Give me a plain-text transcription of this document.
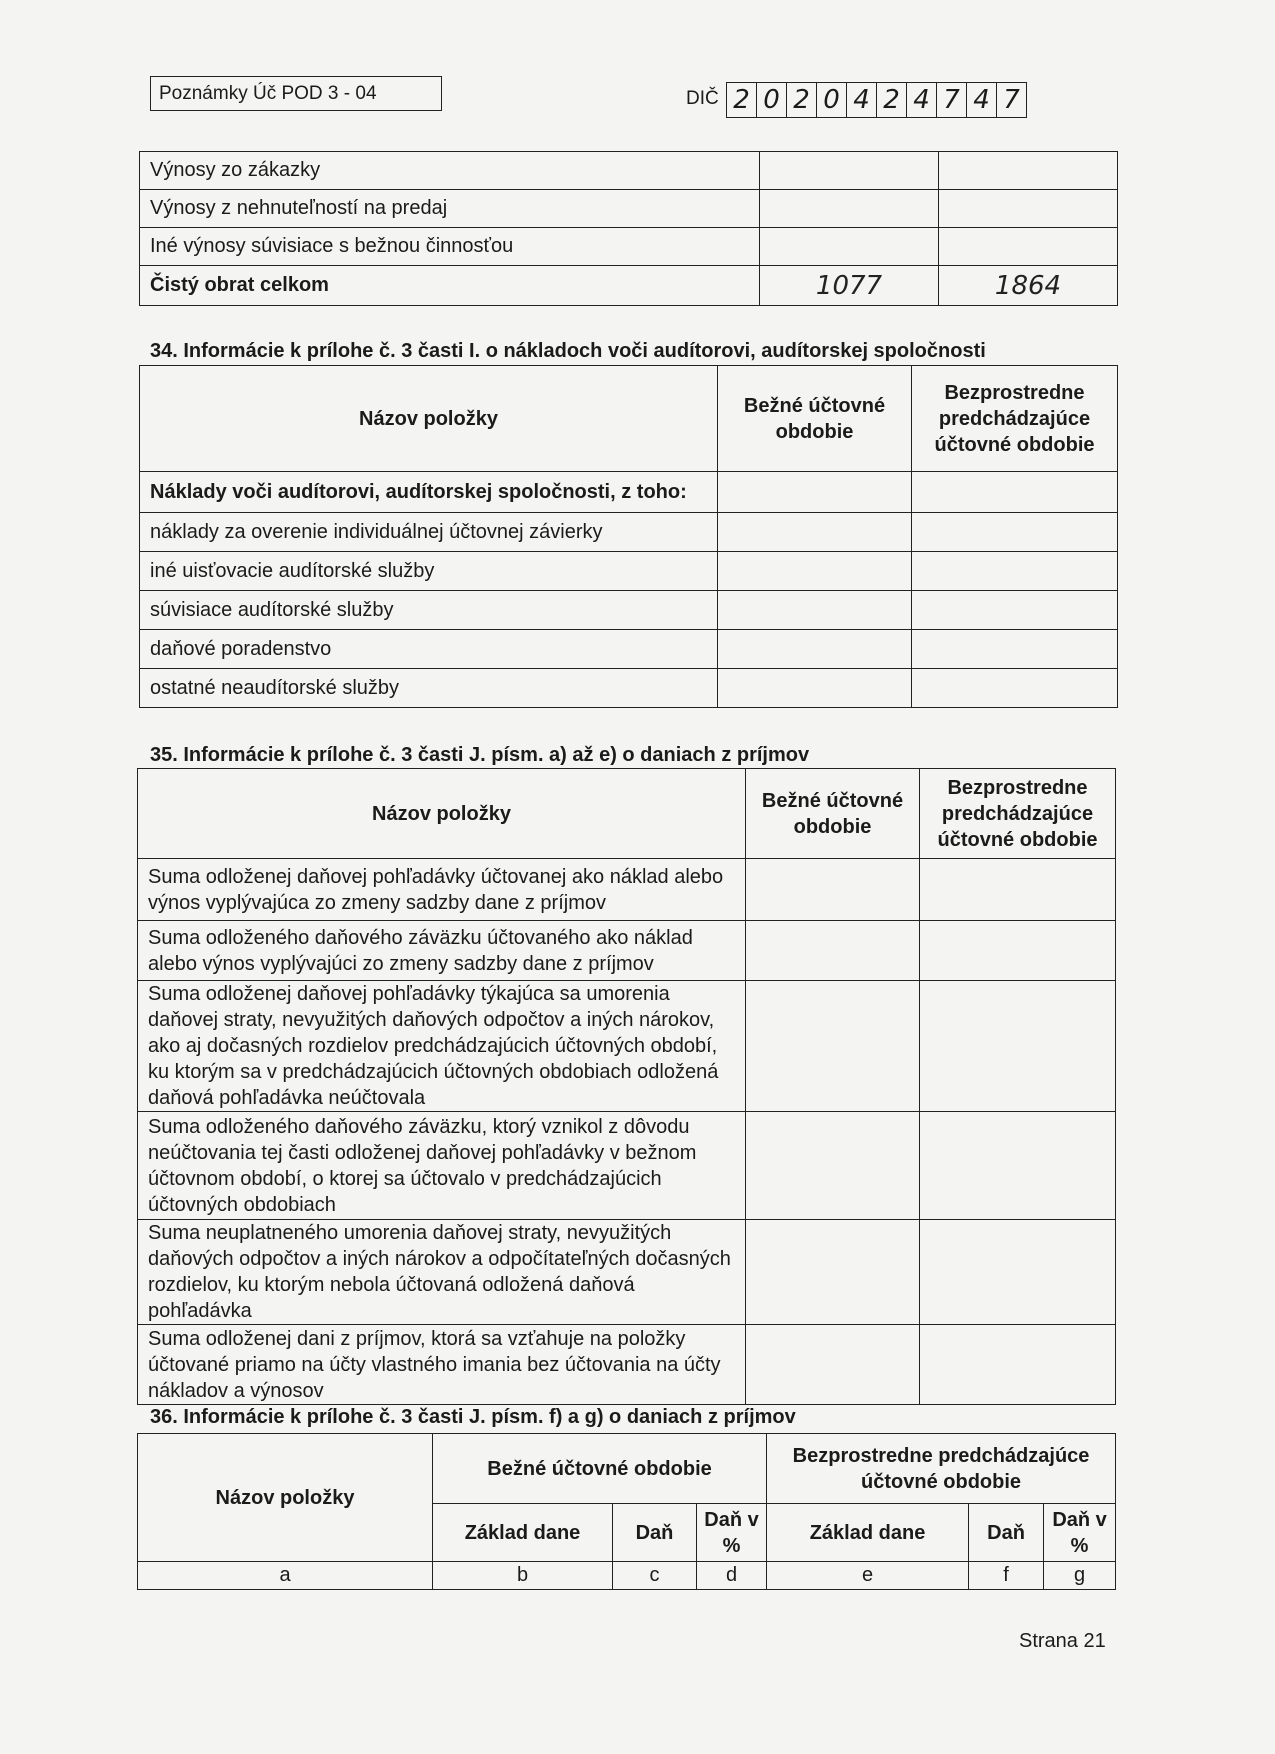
Poznámky Úč POD 3 - 04	DIČ 2 0 2 0 4 2 4 7 4 7
Výnosy zo zákazky		
Výnosy z nehnuteľností na predaj		
Iné výnosy súvisiace s bežnou činnosťou		
Čistý obrat celkom	1077	1864
34. Informácie k prílohe č. 3 časti I. o nákladoch voči audítorovi, audítorskej spoločnosti
Názov položky	Bežné účtovné obdobie	Bezprostredne predchádzajúce účtovné obdobie
Náklady voči audítorovi, audítorskej spoločnosti, z toho:		
náklady za overenie individuálnej účtovnej závierky		
iné uisťovacie audítorské služby		
súvisiace audítorské služby		
daňové poradenstvo		
ostatné neaudítorské služby		
35. Informácie k prílohe č. 3 časti J. písm. a) až e) o daniach z príjmov
Názov položky	Bežné účtovné obdobie	Bezprostredne predchádzajúce účtovné obdobie
Suma odloženej daňovej pohľadávky účtovanej ako náklad alebo výnos vyplývajúca zo zmeny sadzby dane z príjmov		
Suma odloženého daňového záväzku účtovaného ako náklad alebo výnos vyplývajúci zo zmeny sadzby dane z príjmov		
Suma odloženej daňovej pohľadávky týkajúca sa umorenia daňovej straty, nevyužitých daňových odpočtov a iných nárokov, ako aj dočasných rozdielov predchádzajúcich účtovných období, ku ktorým sa v predchádzajúcich účtovných obdobiach odložená daňová pohľadávka neúčtovala		
Suma odloženého daňového záväzku, ktorý vznikol z dôvodu neúčtovania tej časti odloženej daňovej pohľadávky v bežnom účtovnom období, o ktorej sa účtovalo v predchádzajúcich účtovných obdobiach		
Suma neuplatneného umorenia daňovej straty, nevyužitých daňových odpočtov a iných nárokov a odpočítateľných dočasných rozdielov, ku ktorým nebola účtovaná odložená daňová pohľadávka		
Suma odloženej dani z príjmov, ktorá sa vzťahuje na položky účtované priamo na účty vlastného imania bez účtovania na účty nákladov a výnosov		
36. Informácie k prílohe č. 3 časti J. písm. f) a g) o daniach z príjmov
Názov položky	Bežné účtovné obdobie			Bezprostredne predchádzajúce účtovné obdobie		
	Základ dane	Daň	Daň v %	Základ dane	Daň	Daň v %
a	b	c	d	e	f	g
Strana 21
